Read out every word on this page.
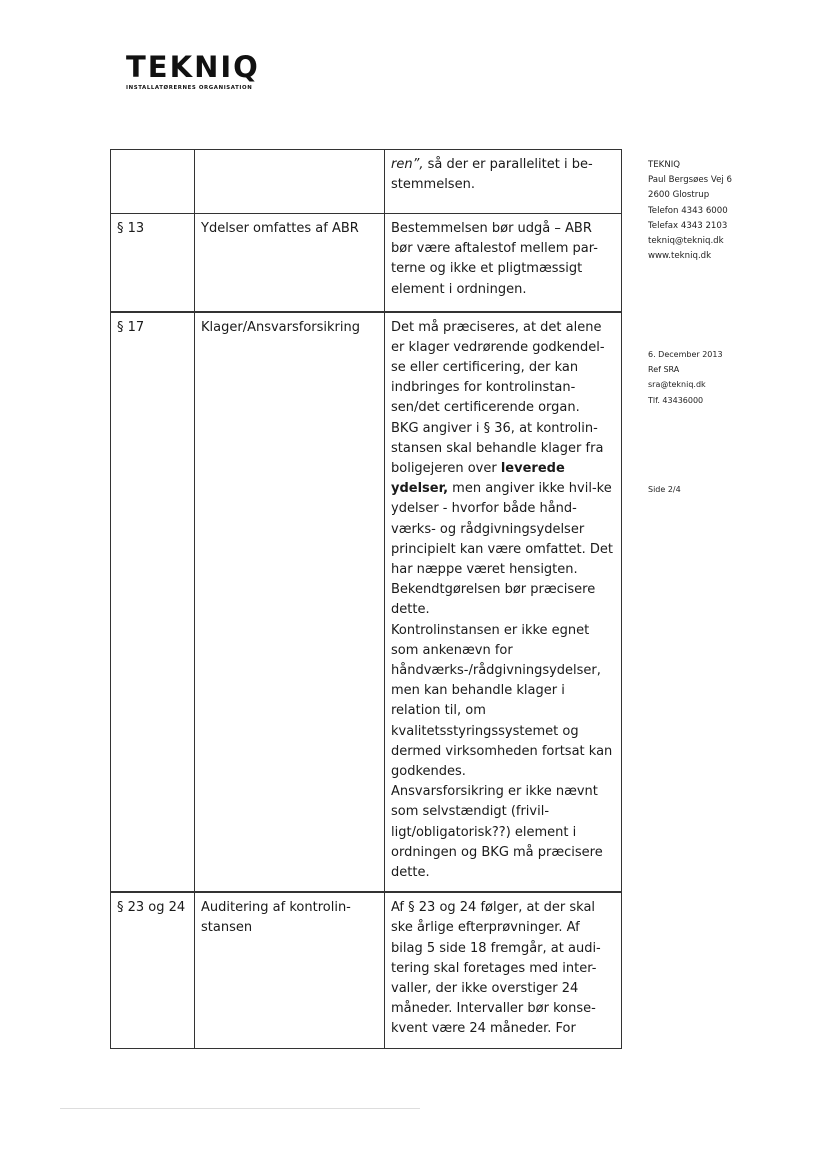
TEKNIQ
INSTALLATØRERNES ORGANISATION
TEKNIQ
Paul Bergsøes Vej 6
2600 Glostrup
Telefon 4343 6000
Telefax 4343 2103
tekniq@tekniq.dk
www.tekniq.dk
6. December 2013
Ref SRA
sra@tekniq.dk
Tlf. 43436000
Side 2/4
		ren”, så der er parallelitet i be-stemmelsen.
§ 13	Ydelser omfattes af ABR	Bestemmelsen bør udgå – ABR bør være aftalestof mellem par-terne og ikke et pligtmæssigt element i ordningen.
§ 17	Klager/Ansvarsforsikring	Det må præciseres, at det alene er klager vedrørende godkendel-se eller certificering, der kan indbringes for kontrolinstan-sen/det certificerende organ.
BKG angiver i § 36, at kontrolin-stansen skal behandle klager fra boligejeren over leverede ydelser, men angiver ikke hvil-ke ydelser - hvorfor både hånd-værks- og rådgivningsydelser principielt kan være omfattet. Det har næppe været hensigten. Bekendtgørelsen bør præcisere dette.
Kontrolinstansen er ikke egnet som ankenævn for håndværks-/rådgivningsydelser, men kan behandle klager i relation til, om kvalitetsstyringssystemet og dermed virksomheden fortsat kan godkendes.
Ansvarsforsikring er ikke nævnt som selvstændigt (frivil-ligt/obligatorisk??) element i ordningen og BKG må præcisere dette.

§ 23 og 24	Auditering af kontrolin-stansen	Af § 23 og 24 følger, at der skal ske årlige efterprøvninger. Af bilag 5 side 18 fremgår, at audi-tering skal foretages med inter-valler, der ikke overstiger 24 måneder. Intervaller bør konse-kvent være 24 måneder. For
